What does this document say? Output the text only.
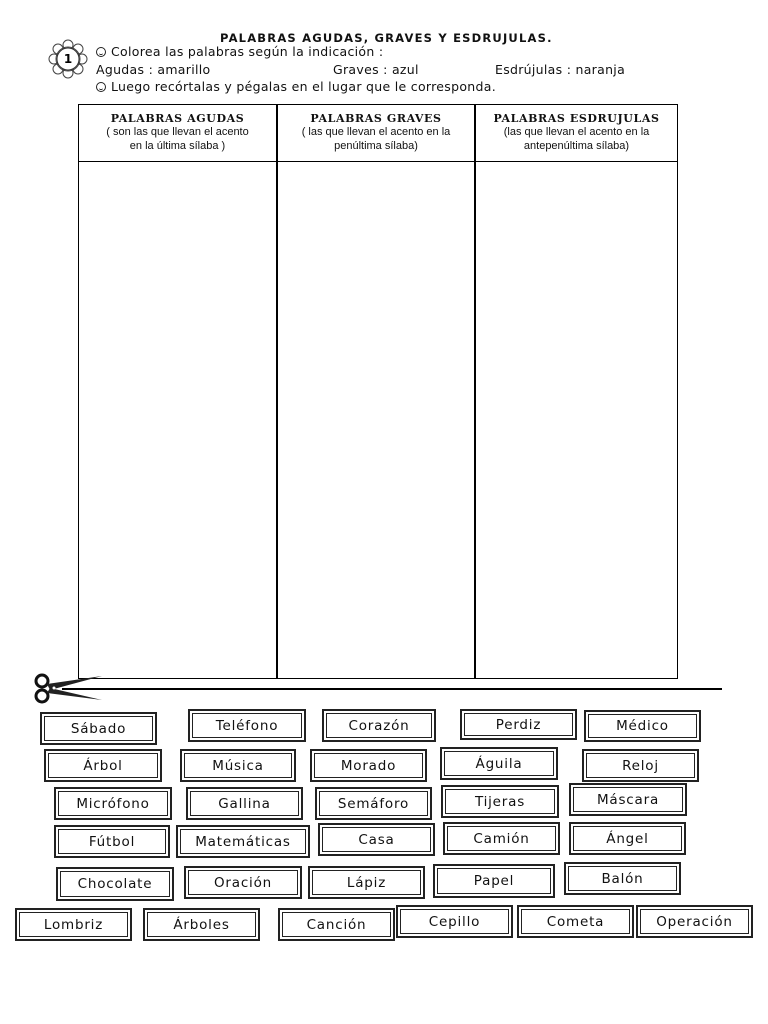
PALABRAS AGUDAS, GRAVES Y ESDRUJULAS.
1	Colorea las palabras según la indicación :
Agudas : amarillo	Graves : azul	Esdrújulas : naranja
Luego recórtalas y pégalas en el lugar que le corresponda.
PALABRAS AGUDAS
( son las que llevan el acento
en la última sílaba )
PALABRAS GRAVES
( las que llevan el acento en la
penúltima sílaba)
PALABRAS ESDRUJULAS
(las que llevan el acento en la
antepenúltima sílaba)
Sábado	Teléfono	Corazón	Perdiz	Médico
Árbol	Música	Morado	Águila	Reloj
Micrófono	Gallina	Semáforo	Tijeras	Máscara
Fútbol	Matemáticas	Casa	Camión	Ángel
Chocolate	Oración	Lápiz	Papel	Balón
Lombriz	Árboles	Canción	Cepillo	Cometa	Operación
